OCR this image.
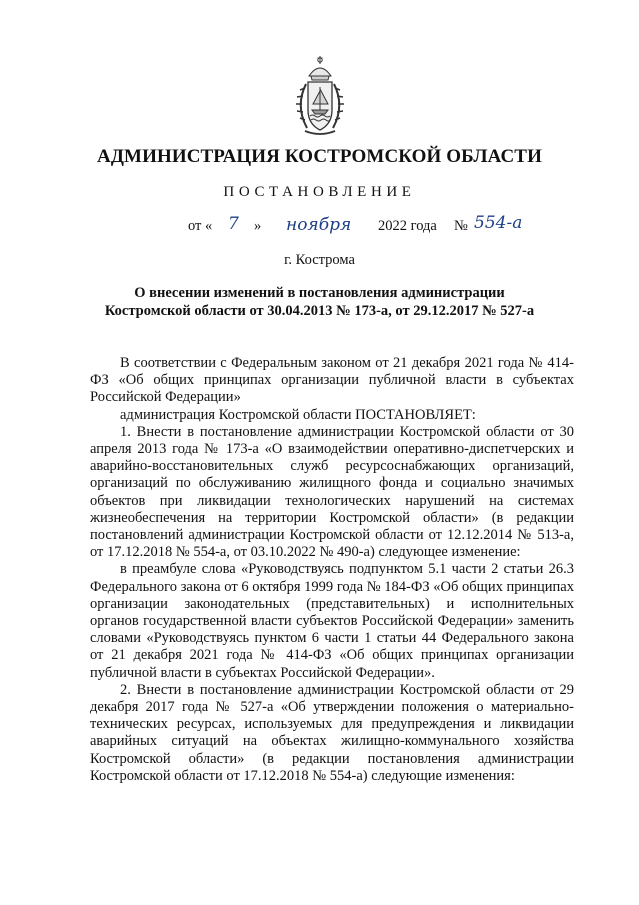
АДМИНИСТРАЦИЯ КОСТРОМСКОЙ ОБЛАСТИ
ПОСТАНОВЛЕНИЕ
от « 7 » ноября 2022 года № 554-а
г. Кострома
О внесении изменений в постановления администрации
Костромской области от 30.04.2013 № 173-а, от 29.12.2017 № 527-а

В соответствии с Федеральным законом от 21 декабря 2021 года № 414-ФЗ «Об общих принципах организации публичной власти в субъектах Российской Федерации»

администрация Костромской области ПОСТАНОВЛЯЕТ:

1. Внести в постановление администрации Костромской области от 30 апреля 2013 года № 173-а «О взаимодействии оперативно-диспетчерских и аварийно-восстановительных служб ресурсоснабжающих организаций, организаций по обслуживанию жилищного фонда и социально значимых объектов при ликвидации технологических нарушений на системах жизнеобеспечения на территории Костромской области» (в редакции постановлений администрации Костромской области от 12.12.2014 № 513-а, от 17.12.2018 № 554-а, от 03.10.2022 № 490-а) следующее изменение:

в преамбуле слова «Руководствуясь подпунктом 5.1 части 2 статьи 26.3 Федерального закона от 6 октября 1999 года № 184-ФЗ «Об общих принципах организации законодательных (представительных) и исполнительных органов государственной власти субъектов Российской Федерации» заменить словами «Руководствуясь пунктом 6 части 1 статьи 44 Федерального закона от 21 декабря 2021 года № 414-ФЗ «Об общих принципах организации публичной власти в субъектах Российской Федерации».

2. Внести в постановление администрации Костромской области от 29 декабря 2017 года № 527-а «Об утверждении положения о материально-технических ресурсах, используемых для предупреждения и ликвидации аварийных ситуаций на объектах жилищно-коммунального хозяйства Костромской области» (в редакции постановления администрации Костромской области от 17.12.2018 № 554-а) следующие изменения:
